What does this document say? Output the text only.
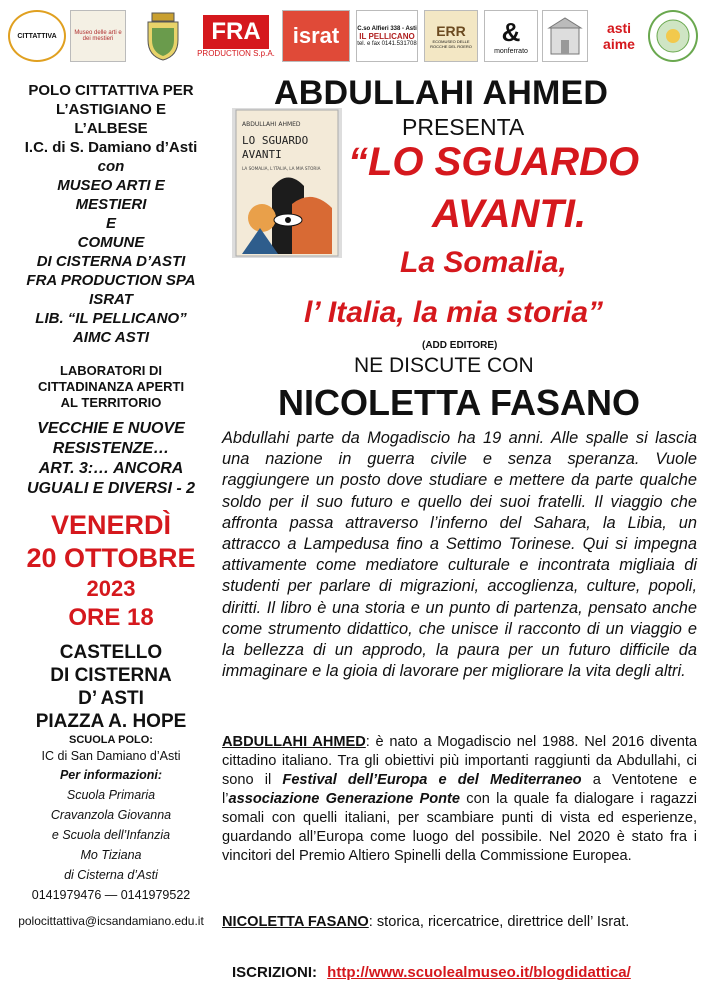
CITTATTIVA	Museo delle arti e dei mestieri	FRA
PRODUCTION S.p.A.
israt	C.so Alfieri 338 - Asti
IL PELLICANO
tel. e fax 0141.531708
ERR
ECOMUSEO DELLE ROCCHE DEL ROERO &
monferrato
asti aime
POLO CITTATTIVA PER
L’ASTIGIANO E
L’ALBESE
I.C. di S. Damiano d’Asti
con
MUSEO ARTI E
MESTIERI
E
COMUNE
DI CISTERNA D’ASTI
FRA PRODUCTION SPA
ISRAT
LIB. “IL PELLICANO”
AIMC ASTI
LABORATORI DI
CITTADINANZA APERTI
AL TERRITORIO
VECCHIE E NUOVE
RESISTENZE…
ART. 3:… ANCORA
UGUALI E DIVERSI - 2
VENERDÌ
20 OTTOBRE
2023
ORE 18
CASTELLO
DI CISTERNA
D’ ASTI
PIAZZA A. HOPE
SCUOLA POLO:
IC di San Damiano d’Asti
Per informazioni:
Scuola Primaria
Cravanzola Giovanna
e Scuola dell’Infanzia
Mo Tiziana
di Cisterna d’Asti
0141979476 — 0141979522
polocittattiva@icsandamiano.edu.it
ABDULLAHI AHMED
LO SGUARDO
AVANTI
LA SOMALIA, L’ITALIA, LA MIA STORIA
ABDULLAHI AHMED
PRESENTA
“LO SGUARDO
AVANTI.
La Somalia,
l’ Italia, la mia storia”
(ADD EDITORE)
NE DISCUTE CON
NICOLETTA FASANO
Abdullahi parte da Mogadiscio ha 19 anni. Alle spalle si lascia una nazione in guerra civile e senza speranza. Vuole raggiungere un posto dove studiare e mettere da parte qualche soldo per il suo futuro e quello dei suoi fratelli. Il viaggio che affronta passa attraverso l’inferno del Sahara, la Libia, un attracco a Lampedusa fino a Settimo Torinese. Qui si impegna attivamente come mediatore culturale e incontrata migliaia di studenti per parlare di migrazioni, accoglienza, culture, popoli, diritti. Il libro è una storia e un punto di partenza, pensato anche come strumento didattico, che unisce il racconto di un viaggio e la bellezza di un approdo, la paura per un futuro difficile da immaginare e la gioia di lavorare per migliorare la vita degli altri.
ABDULLAHI AHMED: è nato a Mogadiscio nel 1988. Nel 2016 diventa cittadino italiano. Tra gli obiettivi più importanti raggiunti da Abdullahi, ci sono il Festival dell’Europa e del Mediterraneo a Ventotene e l’associazione Generazione Ponte con la quale fa dialogare i ragazzi somali con quelli italiani, per scambiare punti di vista ed esperienze, guardando all’Europa come luogo del possibile. Nel 2020 è stato fra i vincitori del Premio Altiero Spinelli della Commissione Europea.
NICOLETTA FASANO: storica, ricercatrice, direttrice dell’ Israt.
ISCRIZIONI: http://www.scuolealmuseo.it/blogdidattica/
